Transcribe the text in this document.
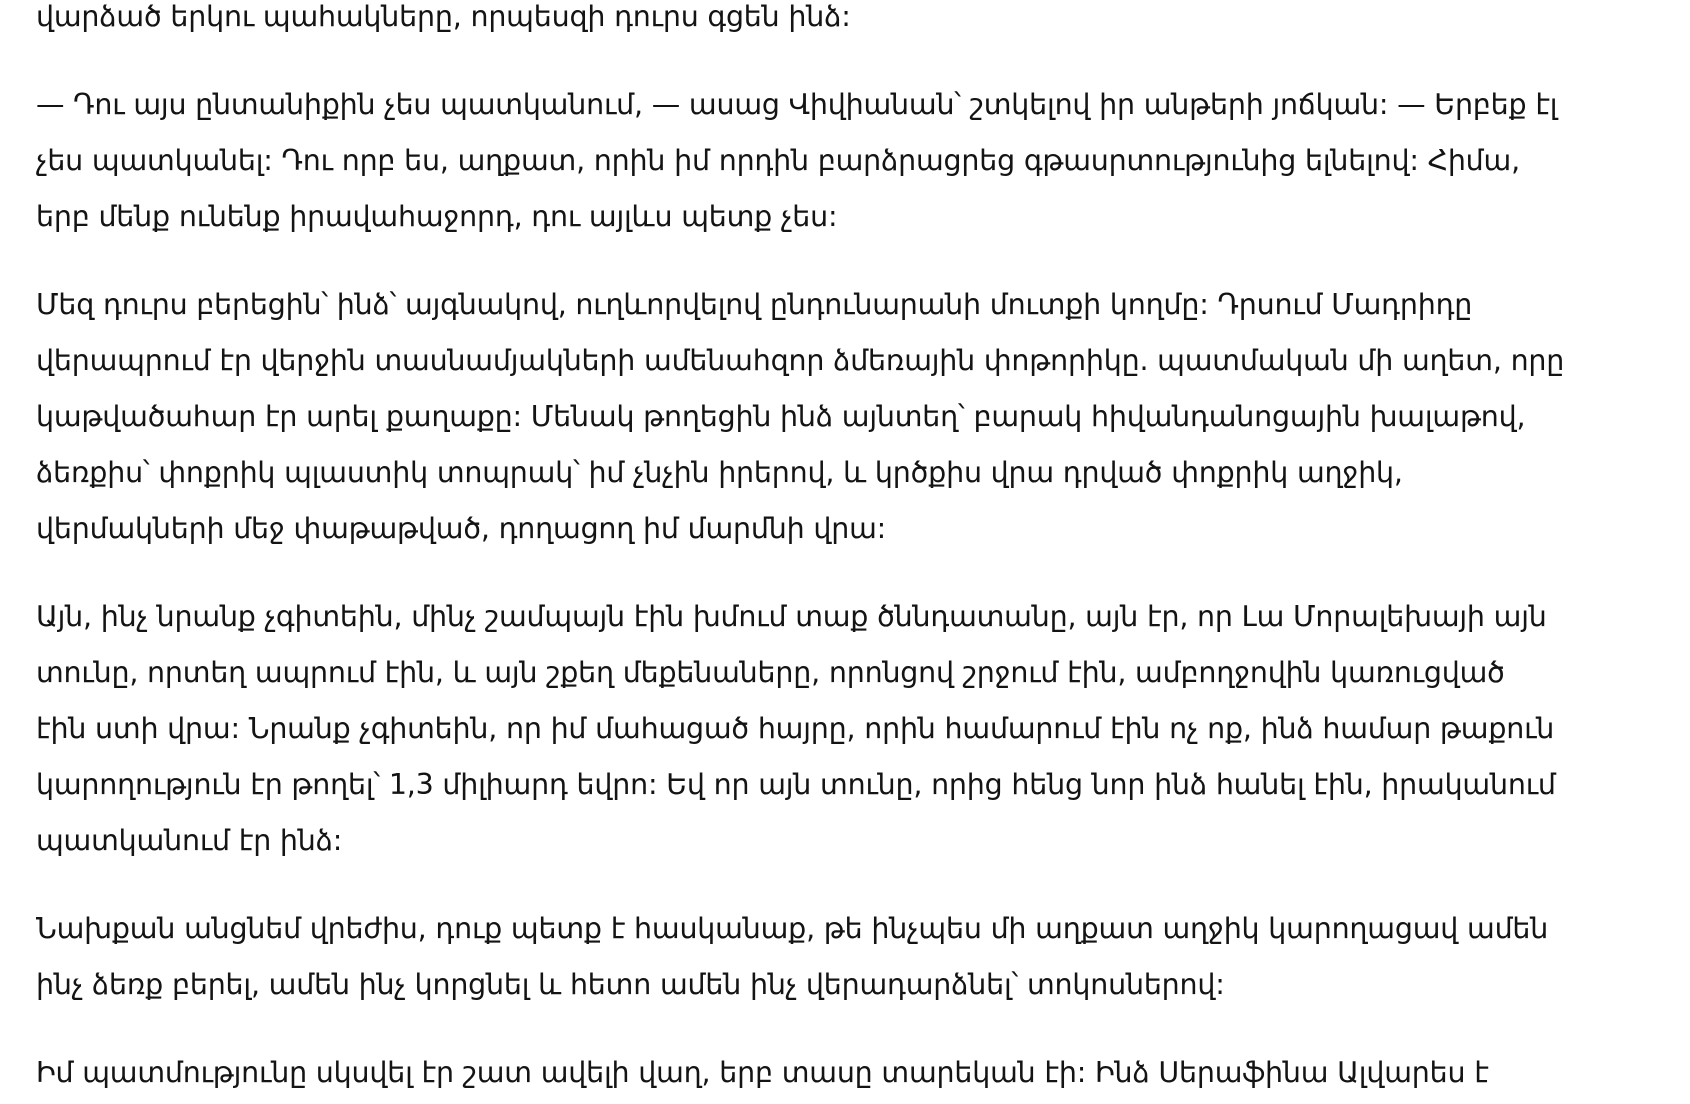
վարձած երկու պահակները, որպեսզի դուրս գցեն ինձ:

— Դու այս ընտանիքին չես պատկանում, — ասաց Վիվիանան՝ շտկելով իր անթերի յոճկան: — Երբեք էլ
չես պատկանել: Դու որբ ես, աղքատ, որին իմ որդին բարձրացրեց գթասրտությունից ելնելով: Հիմա,
երբ մենք ունենք իրավահաջորդ, դու այլևս պետք չես:

Մեզ դուրս բերեցին՝ ինձ՝ այգնակով, ուղևորվելով ընդունարանի մուտքի կողմը: Դրսում Մադրիդը
վերապրում էր վերջին տասնամյակների ամենահզոր ձմեռային փոթորիկը. պատմական մի աղետ, որը
կաթվածահար էր արել քաղաքը: Մենակ թողեցին ինձ այնտեղ՝ բարակ հիվանդանոցային խալաթով,
ձեռքիս՝ փոքրիկ պլաստիկ տոպրակ՝ իմ չնչին իրերով, և կրծքիս վրա դրված փոքրիկ աղջիկ,
վերմակների մեջ փաթաթված, դողացող իմ մարմնի վրա:

Այն, ինչ նրանք չգիտեին, մինչ շամպայն էին խմում տաք ծննդատանը, այն էր, որ Լա Մորալեխայի այն
տունը, որտեղ ապրում էին, և այն շքեղ մեքենաները, որոնցով շրջում էին, ամբողջովին կառուցված
էին ստի վրա: Նրանք չգիտեին, որ իմ մահացած հայրը, որին համարում էին ոչ ոք, ինձ համար թաքուն
կարողություն էր թողել՝ 1,3 միլիարդ եվրո: Եվ որ այն տունը, որից հենց նոր ինձ հանել էին, իրականում
պատկանում էր ինձ:

Նախքան անցնեմ վրեժիս, դուք պետք է հասկանաք, թե ինչպես մի աղքատ աղջիկ կարողացավ ամեն
ինչ ձեռք բերել, ամեն ինչ կորցնել և հետո ամեն ինչ վերադարձնել՝ տոկոսներով:

Իմ պատմությունը սկսվել էր շատ ավելի վաղ, երբ տասը տարեկան էի: Ինձ Սերաֆինա Ալվարես է
